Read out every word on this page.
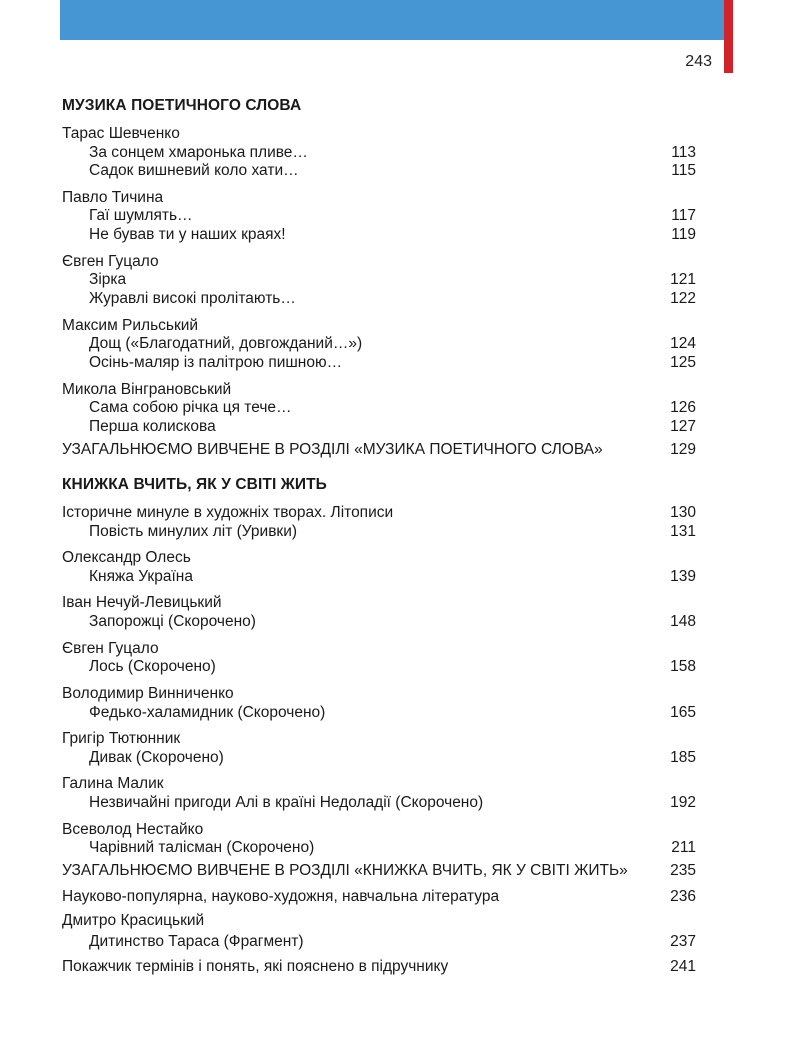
243
МУЗИКА ПОЕТИЧНОГО СЛОВА
Тарас Шевченко
За сонцем хмаронька пливе…	113
Садок вишневий коло хати…	115
Павло Тичина
Гаї шумлять…	117
Не бував ти у наших краях!	119
Євген Гуцало
Зірка	121
Журавлі високі пролітають…	122
Максим Рильський
Дощ («Благодатний, довгожданий…»)	124
Осінь-маляр із палітрою пишною…	125
Микола Вінграновський
Сама собою річка ця тече…	126
Перша колискова	127
УЗАГАЛЬНЮЄМО ВИВЧЕНЕ В РОЗДІЛІ «МУЗИКА ПОЕТИЧНОГО СЛОВА»	129
КНИЖКА ВЧИТЬ, ЯК У СВІТІ ЖИТЬ
Історичне минуле в художніх творах. Літописи	130
Повість минулих літ (Уривки)	131
Олександр Олесь
Княжа Україна	139
Іван Нечуй-Левицький
Запорожці (Скорочено)	148
Євген Гуцало
Лось (Скорочено)	158
Володимир Винниченко
Федько-халамидник (Скорочено)	165
Григір Тютюнник
Дивак (Скорочено)	185
Галина Малик
Незвичайні пригоди Алі в країні Недоладії (Скорочено)	192
Всеволод Нестайко
Чарівний талісман (Скорочено)	211
УЗАГАЛЬНЮЄМО ВИВЧЕНЕ В РОЗДІЛІ «КНИЖКА ВЧИТЬ, ЯК У СВІТІ ЖИТЬ»	235
Науково-популярна, науково-художня, навчальна література	236
Дмитро Красицький
Дитинство Тараса (Фрагмент)	237
Покажчик термінів і понять, які пояснено в підручнику	241
